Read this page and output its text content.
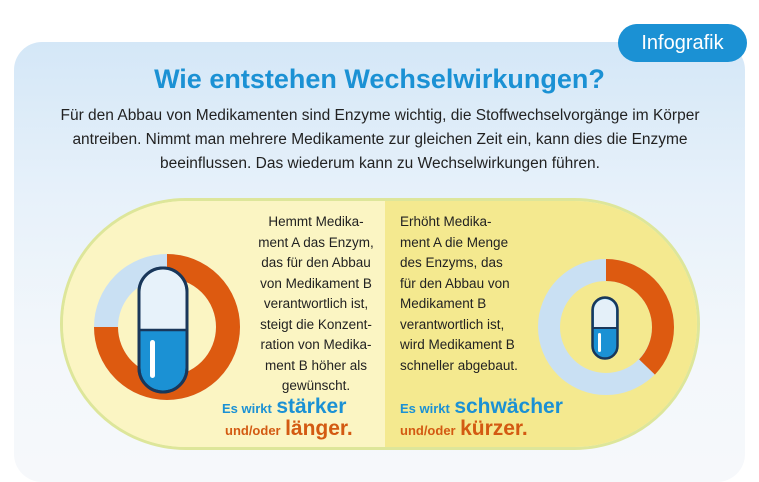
Infografik
Wie entstehen Wechselwirkungen?

Für den Abbau von Medikamenten sind Enzyme wichtig, die Stoffwechselvorgänge im Körper antreiben. Nimmt man mehrere Medikamente zur gleichen Zeit ein, kann dies die Enzyme beeinflussen. Das wiederum kann zu Wechselwirkungen führen.

Hemmt Medika-
ment A das Enzym,
das für den Abbau
von Medikament B
verantwortlich ist,
steigt die Konzent-
ration von Medika-
ment B höher als
gewünscht.
Erhöht Medika-
ment A die Menge
des Enzyms, das
für den Abbau von
Medikament B
verantwortlich ist,
wird Medikament B
schneller abgebaut.
Es wirkt stärker
und/oder länger.
Es wirkt schwächer
und/oder kürzer.
